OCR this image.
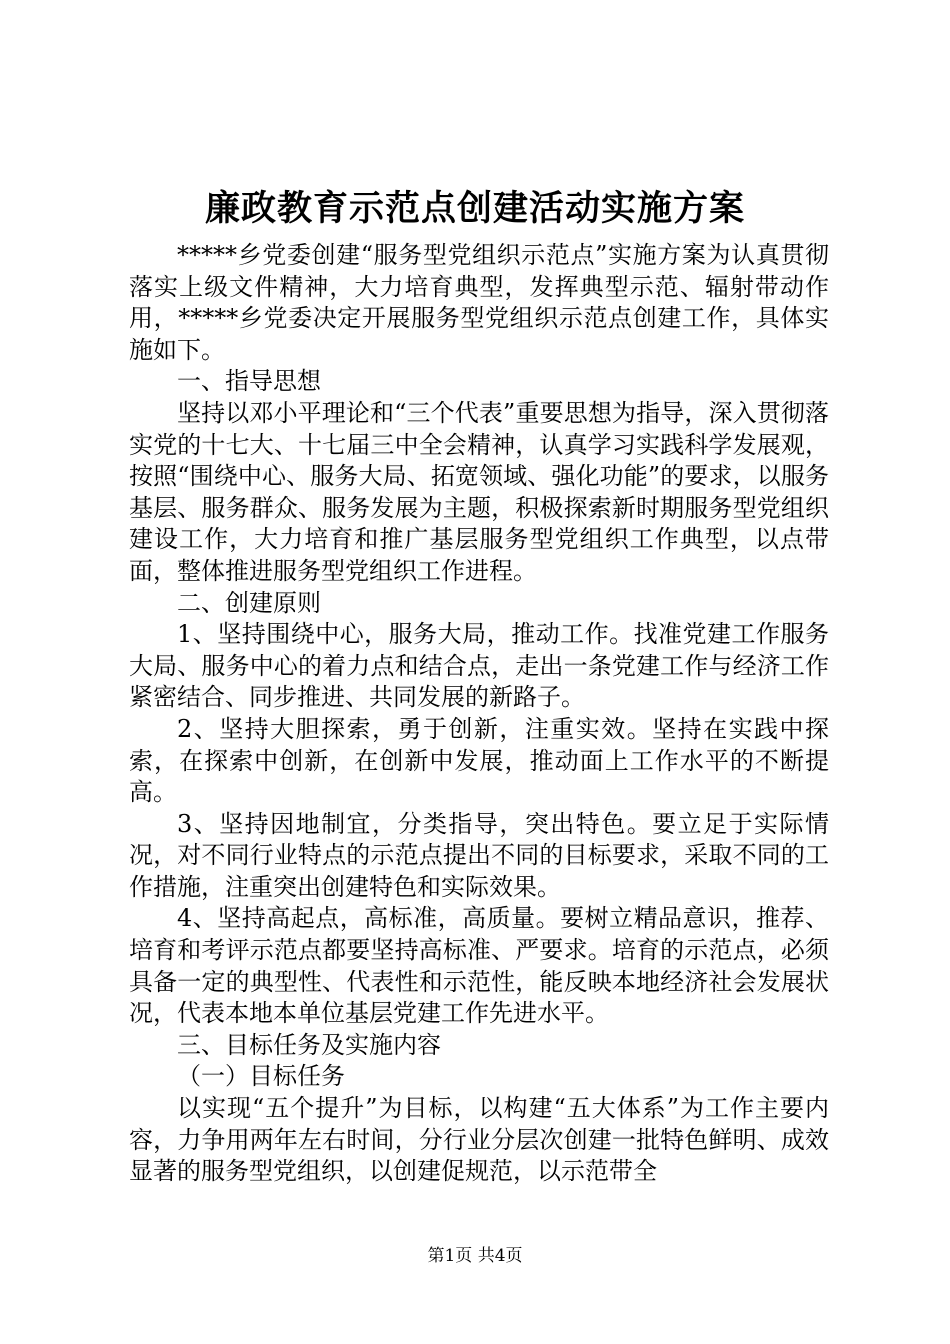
廉政教育示范点创建活动实施方案

*****乡党委创建“服务型党组织示范点”实施方案为认真贯彻落实上级文件精神，大力培育典型，发挥典型示范、辐射带动作用，*****乡党委决定开展服务型党组织示范点创建工作，具体实施如下。

一、指导思想

坚持以邓小平理论和“三个代表”重要思想为指导，深入贯彻落实党的十七大、十七届三中全会精神，认真学习实践科学发展观，按照“围绕中心、服务大局、拓宽领域、强化功能”的要求，以服务基层、服务群众、服务发展为主题，积极探索新时期服务型党组织建设工作，大力培育和推广基层服务型党组织工作典型，以点带面，整体推进服务型党组织工作进程。

二、创建原则

1、坚持围绕中心，服务大局，推动工作。找准党建工作服务大局、服务中心的着力点和结合点，走出一条党建工作与经济工作紧密结合、同步推进、共同发展的新路子。

2、坚持大胆探索，勇于创新，注重实效。坚持在实践中探索，在探索中创新，在创新中发展，推动面上工作水平的不断提高。

3、坚持因地制宜，分类指导，突出特色。要立足于实际情况，对不同行业特点的示范点提出不同的目标要求，采取不同的工作措施，注重突出创建特色和实际效果。

4、坚持高起点，高标准，高质量。要树立精品意识，推荐、培育和考评示范点都要坚持高标准、严要求。培育的示范点，必须具备一定的典型性、代表性和示范性，能反映本地经济社会发展状况，代表本地本单位基层党建工作先进水平。

三、目标任务及实施内容

（一）目标任务

以实现“五个提升”为目标，以构建“五大体系”为工作主要内容，力争用两年左右时间，分行业分层次创建一批特色鲜明、成效显著的服务型党组织，以创建促规范，以示范带全

第1页 共4页
